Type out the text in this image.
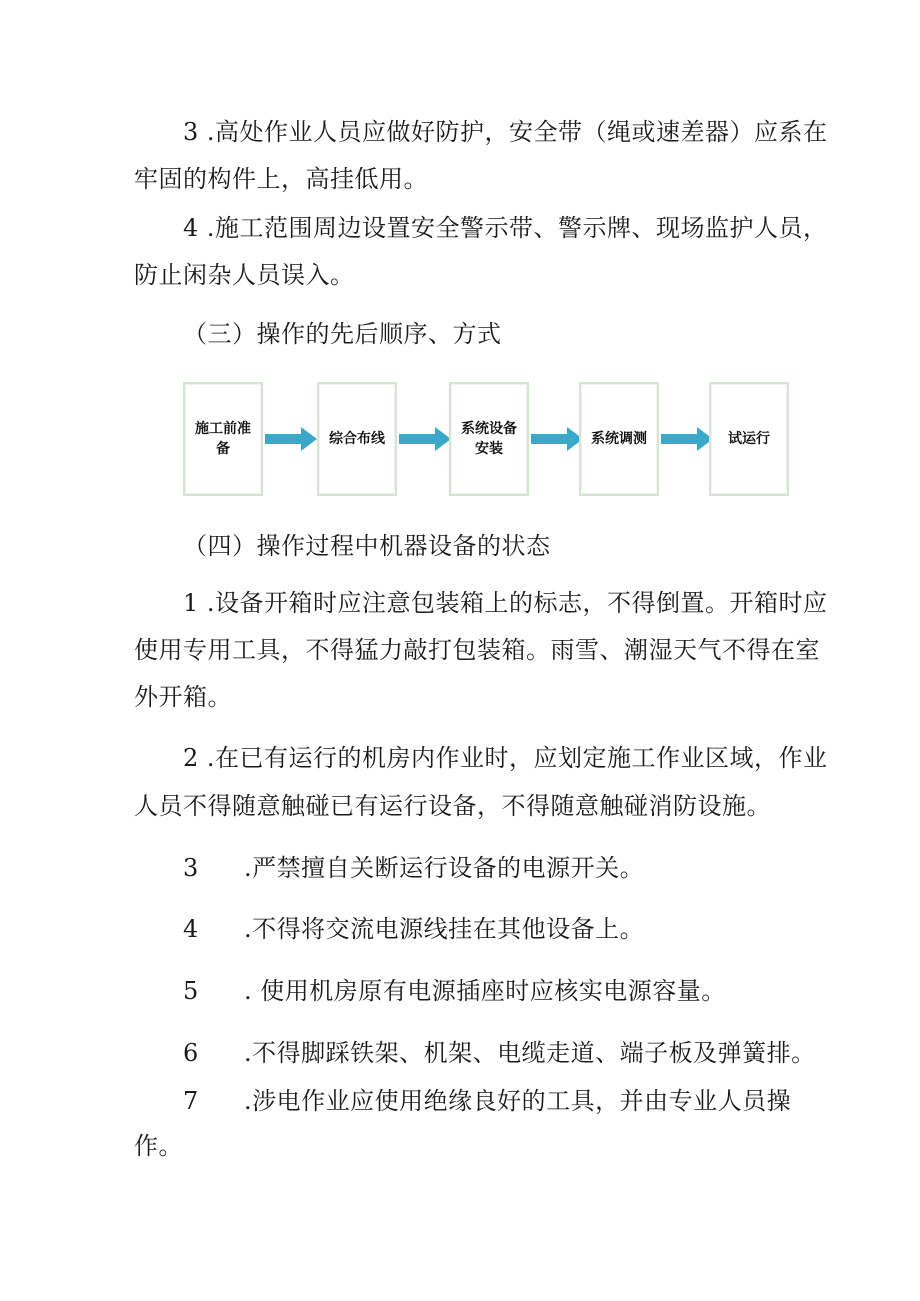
3 .高处作业人员应做好防护，安全带（绳或速差器）应系在
牢固的构件上，高挂低用。
4 .施工范围周边设置安全警示带、警示牌、现场监护人员，
防止闲杂人员误入。
（三）操作的先后顺序、方式
施工前准备
综合布线
系统设备安装
系统调测	试运行
（四）操作过程中机器设备的状态
1 .设备开箱时应注意包装箱上的标志，不得倒置。开箱时应
使用专用工具，不得猛力敲打包装箱。雨雪、潮湿天气不得在室
外开箱。
2 .在已有运行的机房内作业时，应划定施工作业区域，作业
人员不得随意触碰已有运行设备，不得随意触碰消防设施。
3 .严禁擅自关断运行设备的电源开关。
4 .不得将交流电源线挂在其他设备上。
5 . 使用机房原有电源插座时应核实电源容量。
6 .不得脚踩铁架、机架、电缆走道、端子板及弹簧排。
7 .涉电作业应使用绝缘良好的工具，并由专业人员操
作。
